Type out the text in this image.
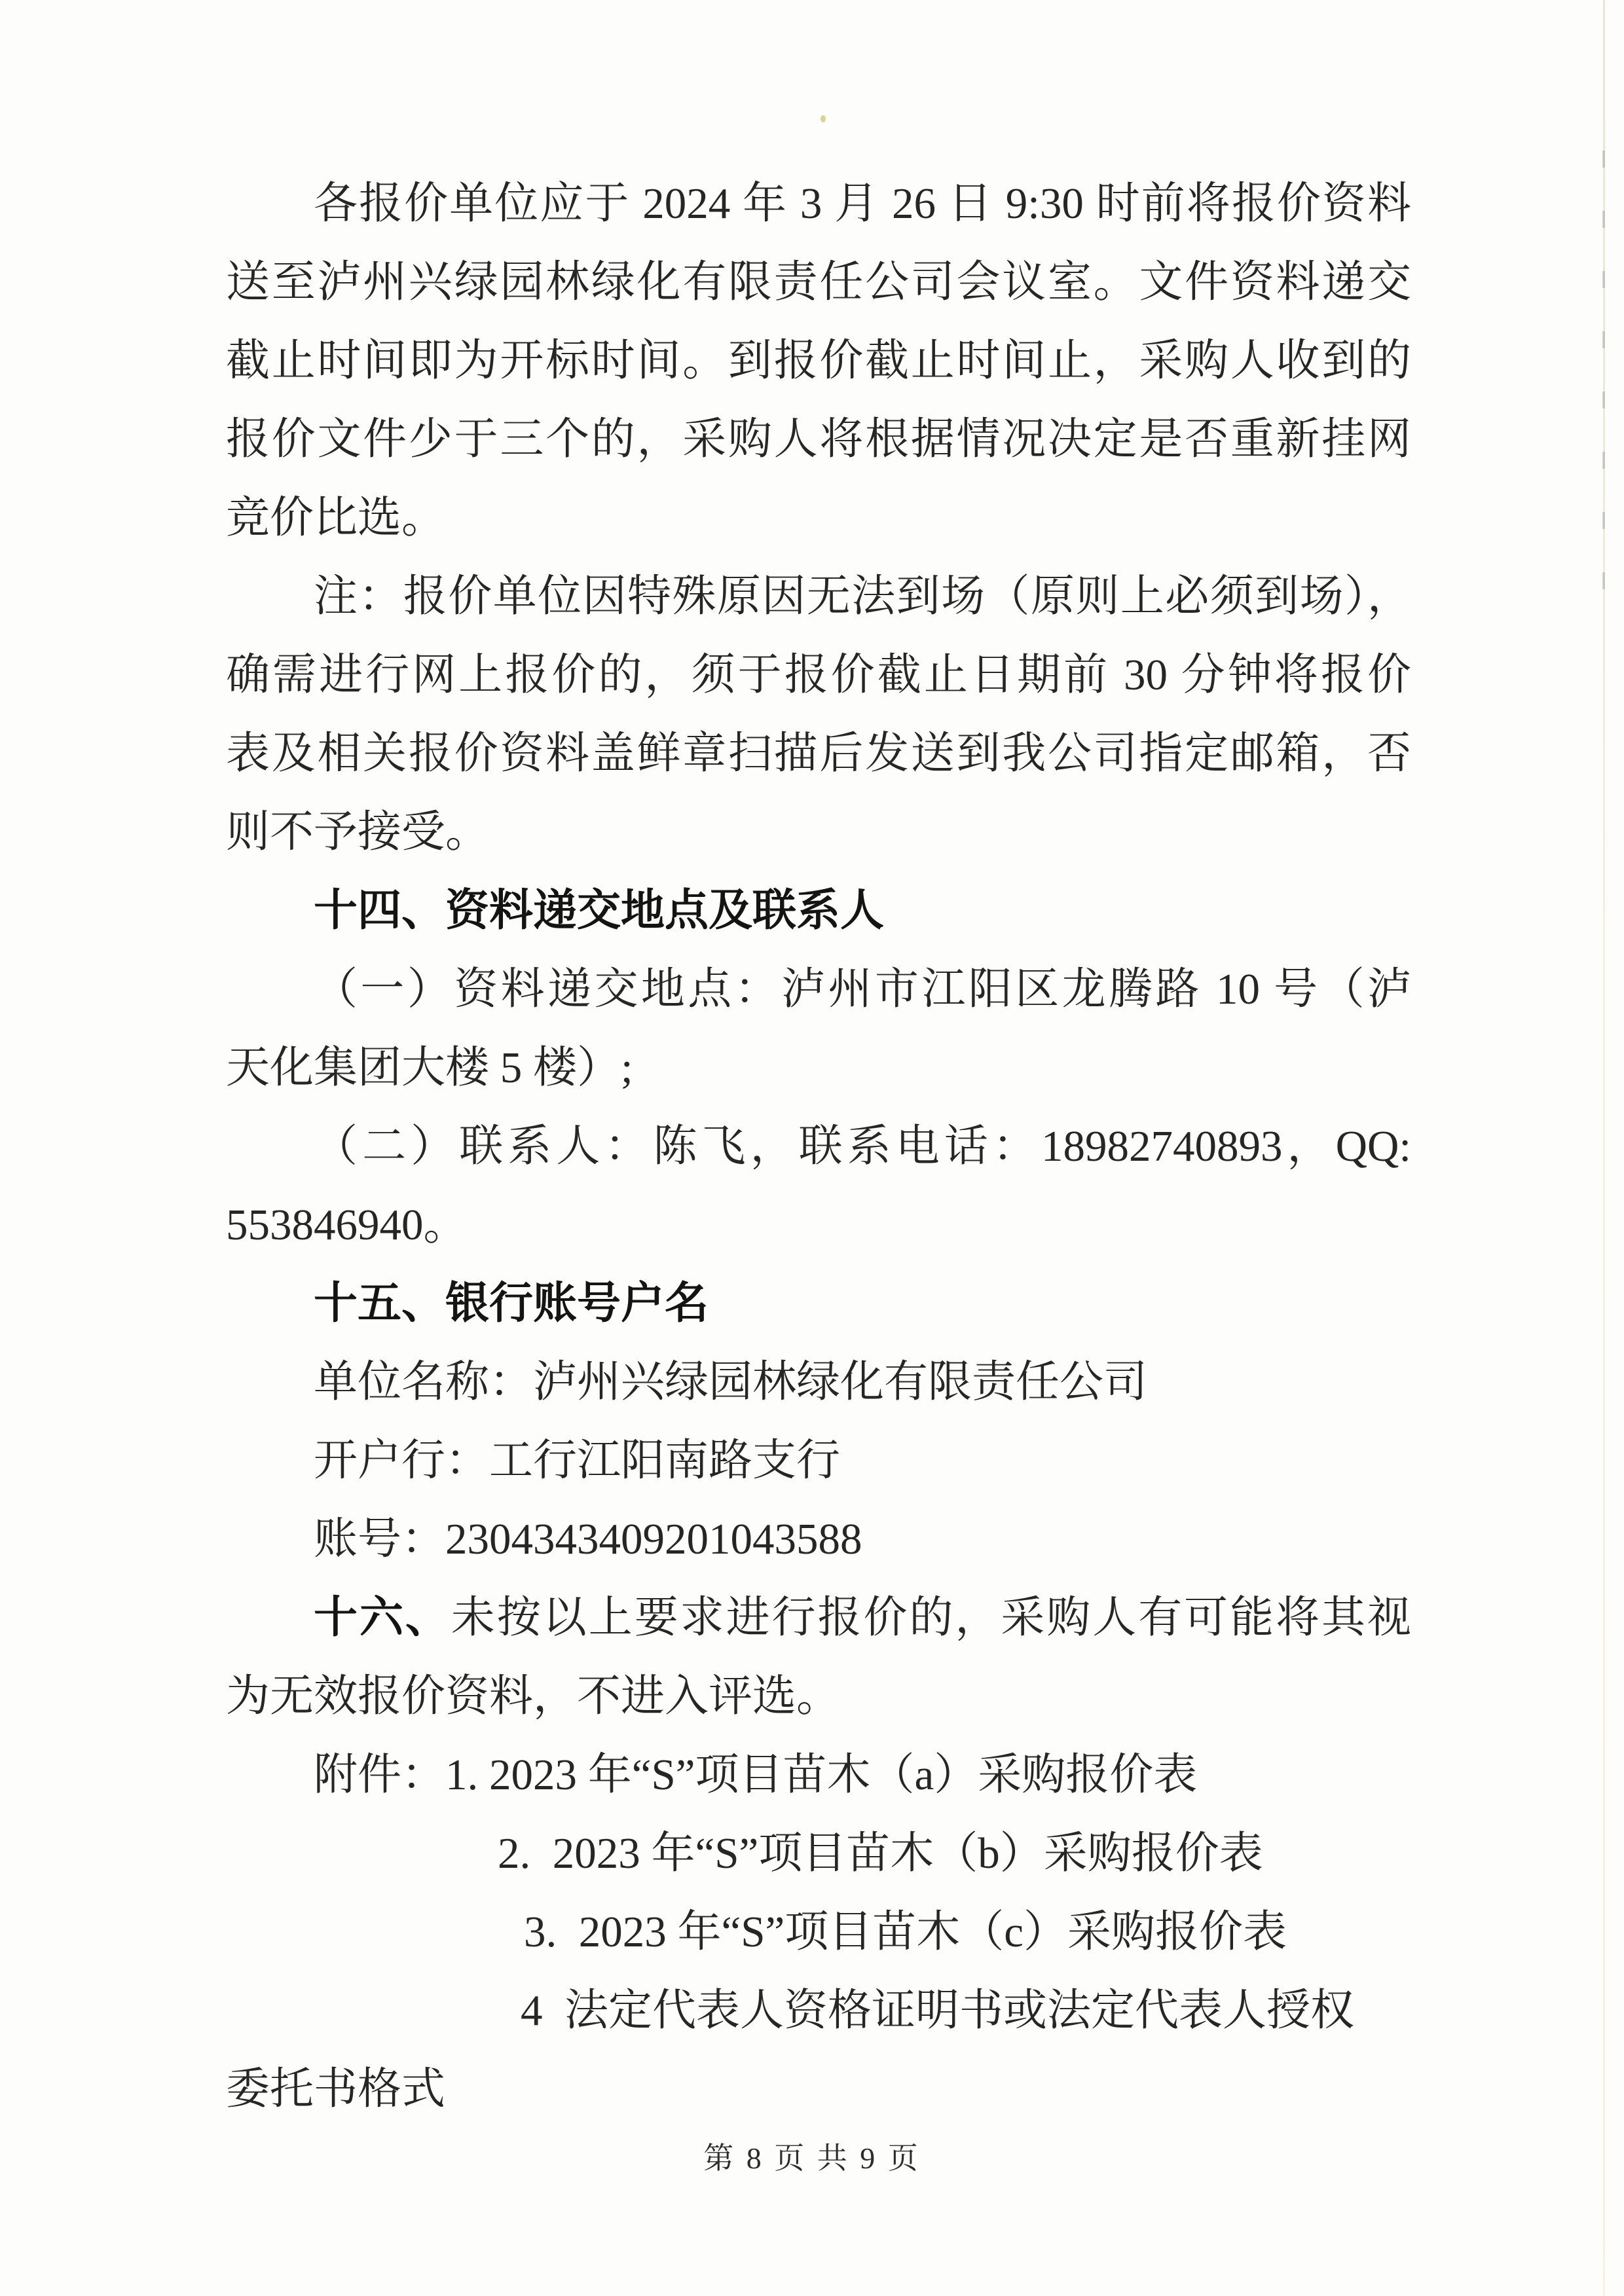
各报价单位应于 2024 年 3 月 26 日 9:30 时前将报价资料

送至泸州兴绿园林绿化有限责任公司会议室。文件资料递交

截止时间即为开标时间。到报价截止时间止，采购人收到的

报价文件少于三个的，采购人将根据情况决定是否重新挂网

竞价比选。

注：报价单位因特殊原因无法到场（原则上必须到场），

确需进行网上报价的，须于报价截止日期前 30 分钟将报价

表及相关报价资料盖鲜章扫描后发送到我公司指定邮箱，否

则不予接受。

十四、资料递交地点及联系人

（一）资料递交地点：泸州市江阳区龙腾路 10 号（泸

天化集团大楼 5 楼）;

（二）联系人：陈飞，联系电话：18982740893，QQ:

553846940。

十五、银行账号户名

单位名称：泸州兴绿园林绿化有限责任公司

开户行：工行江阳南路支行

账号：2304343409201043588

十六、未按以上要求进行报价的，采购人有可能将其视

为无效报价资料，不进入评选。

附件：1. 2023 年“S”项目苗木（a）采购报价表

2.  2023 年“S”项目苗木（b）采购报价表

3.  2023 年“S”项目苗木（c）采购报价表

4  法定代表人资格证明书或法定代表人授权

委托书格式

第 8 页 共 9 页
